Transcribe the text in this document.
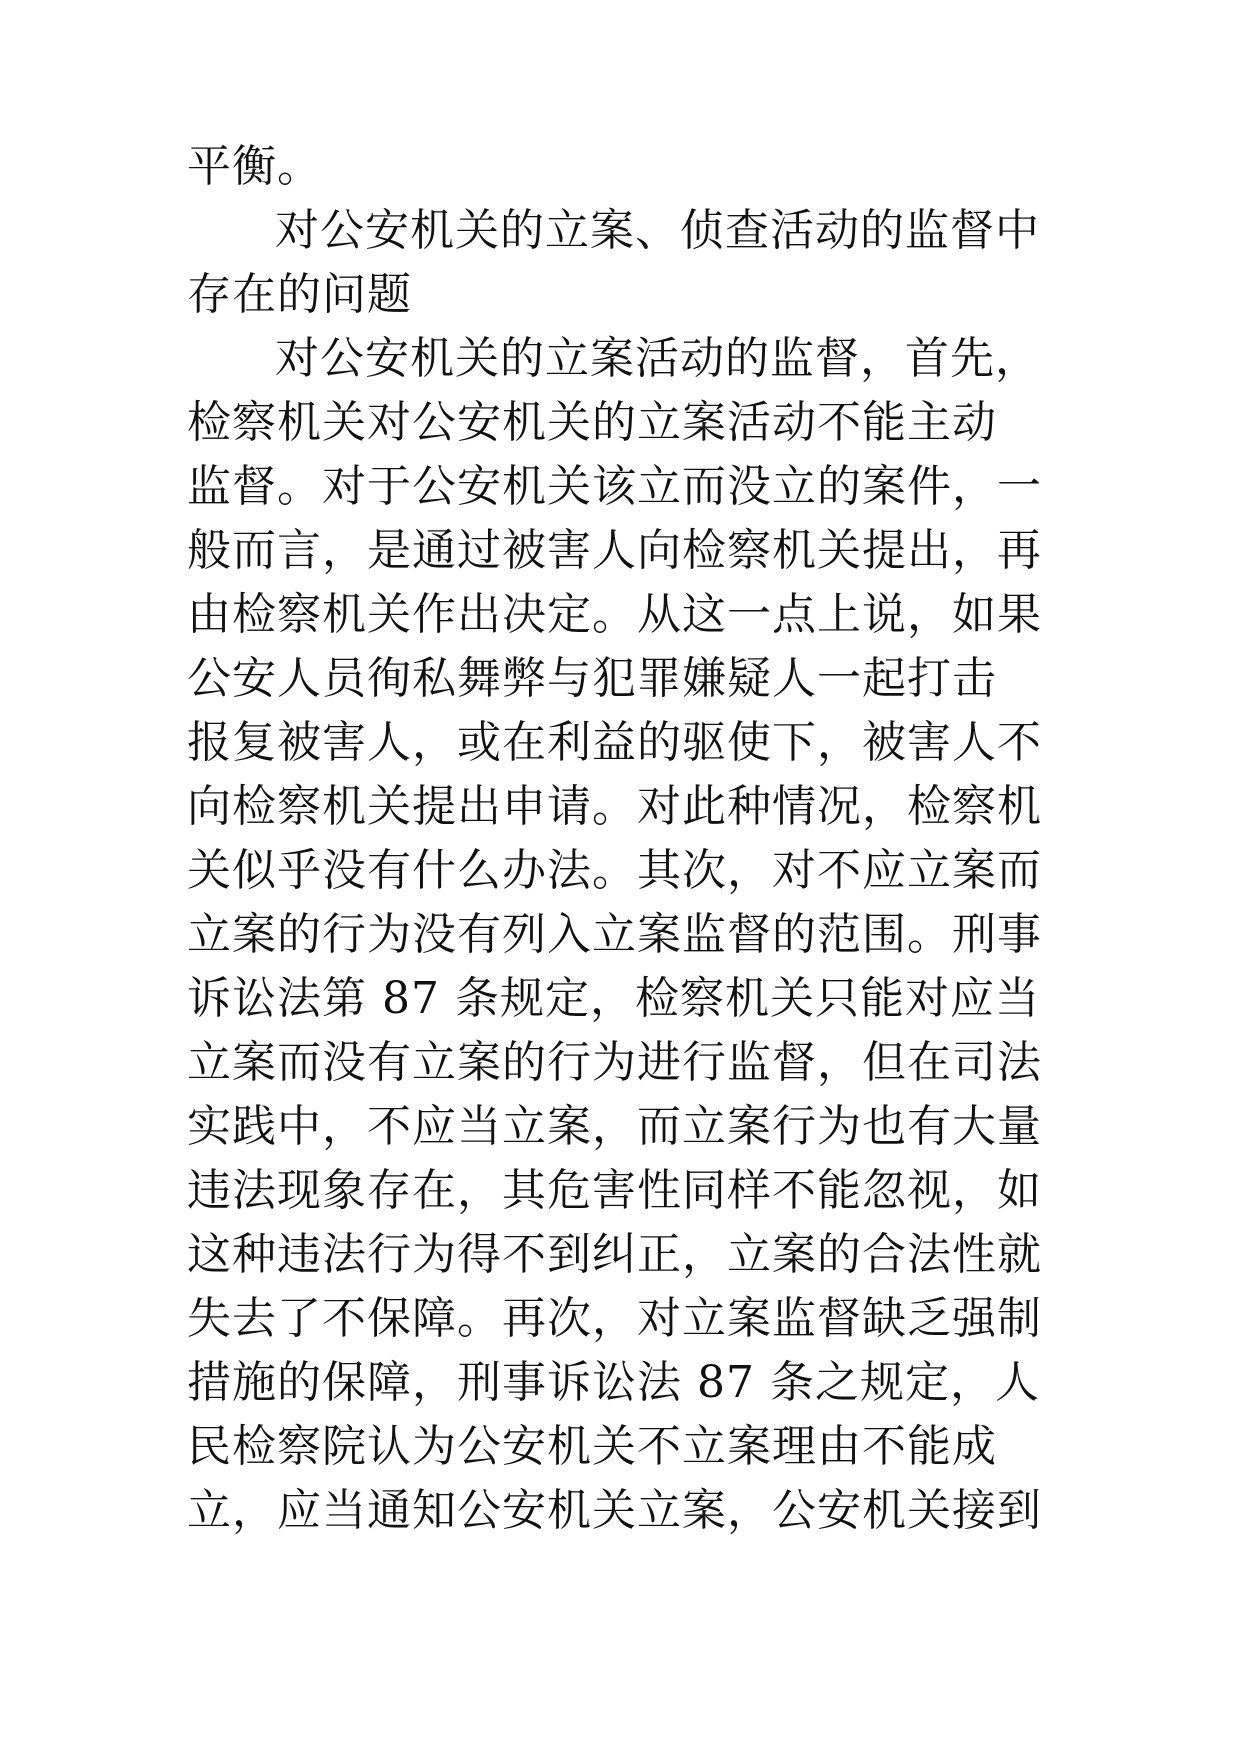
平衡。
对公安机关的立案、侦查活动的监督中
存在的问题
对公安机关的立案活动的监督，首先，
检察机关对公安机关的立案活动不能主动
监督。对于公安机关该立而没立的案件，一
般而言，是通过被害人向检察机关提出，再
由检察机关作出决定。从这一点上说，如果
公安人员徇私舞弊与犯罪嫌疑人一起打击
报复被害人，或在利益的驱使下，被害人不
向检察机关提出申请。对此种情况，检察机
关似乎没有什么办法。其次，对不应立案而
立案的行为没有列入立案监督的范围。刑事
诉讼法第 87 条规定，检察机关只能对应当
立案而没有立案的行为进行监督，但在司法
实践中，不应当立案，而立案行为也有大量
违法现象存在，其危害性同样不能忽视，如
这种违法行为得不到纠正，立案的合法性就
失去了不保障。再次，对立案监督缺乏强制
措施的保障，刑事诉讼法 87 条之规定，人
民检察院认为公安机关不立案理由不能成
立，应当通知公安机关立案，公安机关接到
